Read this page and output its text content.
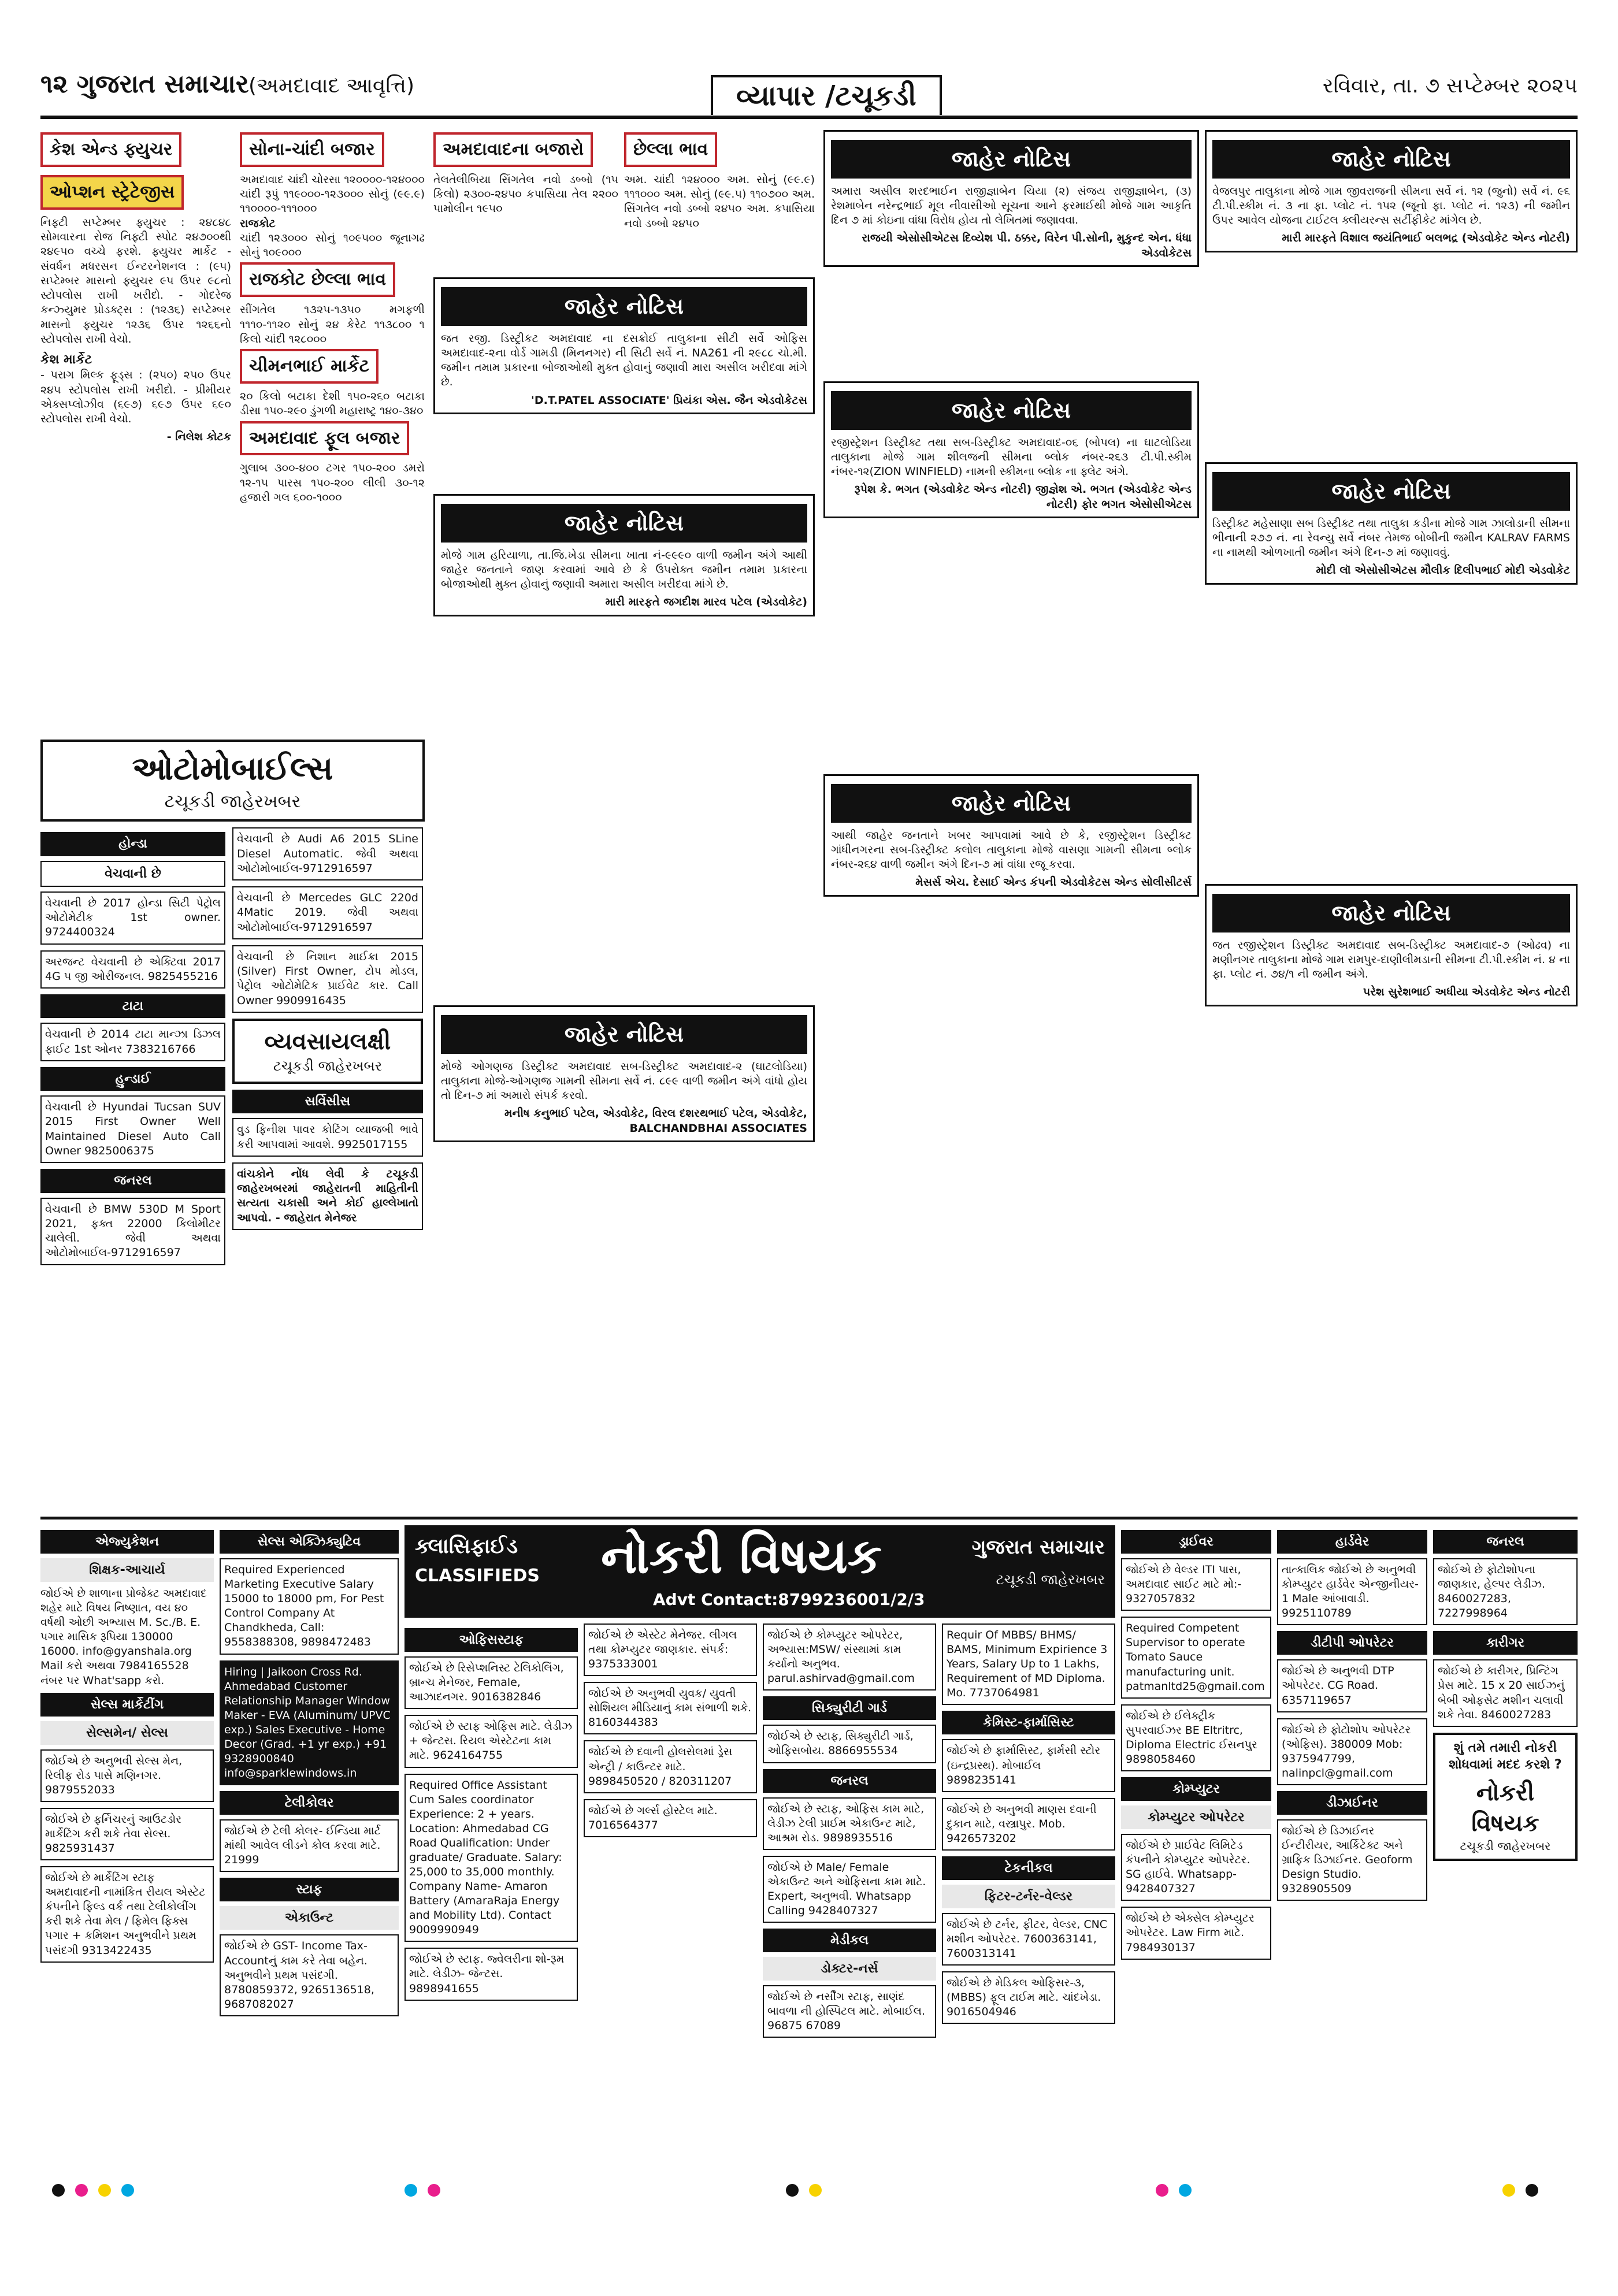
૧૨ ગુજરાત સમાચાર (અમદાવાદ આવૃત્તિ)	વ્યાપાર /ટચૂકડી	રવિવાર, તા. ૭ સપ્ટેમ્બર ૨૦૨૫
કેશ એન્ડ ફ્યુચર ઓપ્શન સ્ટ્રેટેજીસ
નિફ્ટી સપ્ટેમ્બર ફ્યુચર : ૨૪૮૪૮ સોમવારના રોજ નિફ્ટી સ્પોટ ૨૪૭૦૦થી ૨૪૯૫૦ વચ્ચે ફરશે. ફ્યુચર માર્કેટ - સંવર્ધન મધરસન ઈન્ટરનેશનલ : (૯૫) સપ્ટેમ્બર માસનો ફ્યુચર ૯૫ ઉપર ૯૮નો સ્ટોપલોસ રાખી ખરીદો. - ગોદરેજ કન્ઝ્યુમર પ્રોડક્ટ્સ : (૧૨૩૬) સપ્ટેમ્બર માસનો ફ્યુચર ૧૨૩૬ ઉપર ૧૨૬૬નો સ્ટોપલોસ રાખી વેચો.
કેશ માર્કેટ
- પરાગ મિલ્ક ફૂડ્સ : (૨૫૦) ૨૫૦ ઉપર ૨૪૫ સ્ટોપલોસ રાખી ખરીદો. - પ્રીમીયર એક્સપ્લોઝીવ (૬૯૭) ૬૯૭ ઉપર ૬૯૦ સ્ટોપલોસ રાખી વેચો.
- નિલેશ કોટક
સોના-ચાંદી બજાર
અમદાવાદ ચાંદી ચોરસા ૧૨૦૦૦૦-૧૨૪૦૦૦ ચાંદી રૂપું ૧૧૯૦૦૦-૧૨૩૦૦૦ સોનું (૯૯.૯) ૧૧૦૦૦૦-૧૧૧૦૦૦
રાજકોટ
ચાંદી ૧૨૩૦૦૦ સોનું ૧૦૯૫૦૦ જૂનાગઢ સોનું ૧૦૯૦૦૦
રાજકોટ છેલ્લા ભાવ
સીંગતેલ ૧૩૨૫-૧૩૫૦ મગફળી ૧૧૧૦-૧૧૨૦ સોનું ૨૪ કેરેટ ૧૧૩૮૦૦ ૧ કિલો ચાંદી ૧૨૮૦૦૦
ચીમનભાઈ માર્કેટ
૨૦ કિલો બટાકા દેશી ૧૫૦-૨૬૦ બટાકા ડીસા ૧૫૦-૨૯૦ ડુંગળી મહારાષ્ટ્ર ૧૪૦-૩૪૦
અમદાવાદ ફૂલ બજાર
ગુલાબ ૩૦૦-૪૦૦ ટગર ૧૫૦-૨૦૦ ડમરો ૧૨-૧૫ પારસ ૧૫૦-૨૦૦ લીલી ૩૦-૧૨ હજારી ગલ ૬૦૦-૧૦૦૦
અમદાવાદના બજારો
તેલતેલીબિયા સિંગતેલ નવો ડબ્બો (૧૫ કિલો) ૨૩૦૦-૨૪૫૦ કપાસિયા તેલ ૨૨૦૦ પામોલીન ૧૯૫૦
છેલ્લા ભાવ
અમ. ચાંદી ૧૨૪૦૦૦ અમ. સોનું (૯૯.૯) ૧૧૧૦૦૦ અમ. સોનું (૯૯.૫) ૧૧૦૭૦૦ અમ. સિંગતેલ નવો ડબ્બો ૨૪૫૦ અમ. કપાસિયા નવો ડબ્બો ૨૪૫૦
જાહેર નોટિસ
જત રજી. ડિસ્ટ્રીકટ અમદાવાદ ના દસક્રોઈ તાલુકાના સીટી સર્વે ઓફિસ અમદાવાદ-૨ના વોર્ડ ગામડી (મિનનગર) ની સિટી સર્વે નં. NA261 ની ૨૯૮૮ ચો.મી. જમીન તમામ પ્રકારના બોજાઓથી મુક્ત હોવાનું જણાવી મારા અસીલ ખરીદવા માંગે છે.
'D.T.PATEL ASSOCIATE' પ્રિયંકા એસ. જૈન એડવોકેટસ
જાહેર નોટિસ
મોજે ગામ હરિયાળા, તા.જિ.ખેડા સીમના ખાતા નં-૯૯૯૦ વાળી જમીન અંગે આથી જાહેર જનતાને જાણ કરવામાં આવે છે કે ઉપરોક્ત જમીન તમામ પ્રકારના બોજાઓથી મુક્ત હોવાનું જણાવી અમારા અસીલ ખરીદવા માંગે છે.
મારી મારફતે જગદીશ મારવ પટેલ (એડવોકેટ)
જાહેર નોટિસ
મોજે ઓગણજ ડિસ્ટ્રીક્ટ અમદાવાદ સબ-ડિસ્ટ્રીક્ટ અમદાવાદ-૨ (ઘાટલોડિયા) તાલુકાના મોજે-ઓગણજ ગામની સીમના સર્વે નં. ૮૯૯ વાળી જમીન અંગે વાંધો હોય તો દિન-૭ માં અમારો સંપર્ક કરવો.
મનીષ કનુભાઈ પટેલ, એડવોકેટ, વિરલ દશરથભાઈ પટેલ, એડવોકેટ, BALCHANDBHAI ASSOCIATES
જાહેર નોટિસ
અમારા અસીલ શરદભાઈન રાજીજ્ઞાબેન ચિયા (૨) સંજય રાજીજ્ઞાબેન, (૩) રેશમાબેન નરેન્દ્રભાઈ મૂલ નીવાસીઓ સૂચના આને ફરમાઈથી મોજે ગામ આકૃતિ દિન ૭ માં કોઇના વાંધા વિરોધ હોય તો લેખિતમાં જણાવવા.
રાજયી એસોસીએટસ દિવ્યેશ પી. ઠક્કર, વિરેન પી.સોની, મુકુન્દ એન. ધંધા એડવોકેટસ
જાહેર નોટિસ
રજીસ્ટ્રેશન ડિસ્ટ્રીક્ટ તથા સબ-ડિસ્ટ્રીક્ટ અમદાવાદ-૦૬ (બોપલ) ના ઘાટલોડિયા તાલુકાના મોજે ગામ શીલજની સીમના બ્લોક નંબર-૨૬૩ ટી.પી.સ્કીમ નંબર-૧૨(ZION WINFIELD) નામની સ્કીમના બ્લોક ના ફ્લેટ અંગે.
રૂપેશ કે. ભગત (એડવોકેટ એન્ડ નોટરી) જીજ્ઞેશ એ. ભગત (એડવોકેટ એન્ડ નોટરી) ફોર ભગત એસોસીએટસ
જાહેર નોટિસ
આથી જાહેર જનતાને ખબર આપવામાં આવે છે કે, રજીસ્ટ્રેશન ડિસ્ટ્રીક્ટ ગાંધીનગરના સબ-ડિસ્ટ્રીક્ટ કલોલ તાલુકાના મોજે વાસણા ગામની સીમના બ્લોક નંબર-૨૬૪ વાળી જમીન અંગે દિન-૭ માં વાંધા રજૂ કરવા.
મેસર્સ એચ. દેસાઈ એન્ડ કંપની એડવોકેટસ એન્ડ સોલીસીટર્સ
જાહેર નોટિસ
વેજલપુર તાલુકાના મોજે ગામ જીવરાજની સીમના સર્વે નં. ૧૨ (જુનો) સર્વે નં. ૯૬ ટી.પી.સ્કીમ નં. ૩ ના ફા. પ્લોટ નં. ૧૫૨ (જૂનો ફા. પ્લોટ નં. ૧૨૩) ની જમીન ઉપર આવેલ યોજના ટાઈટલ ક્લીયરન્સ સર્ટીફીકેટ માંગેલ છે.
મારી મારફતે વિશાલ જયંતિભાઈ બલભદ્ર (એડવોકેટ એન્ડ નોટરી)
જાહેર નોટિસ
ડિસ્ટ્રીક્ટ મહેસાણા સબ ડિસ્ટ્રીક્ટ તથા તાલુકા કડીના મોજે ગામ ઝાલોડાની સીમના ભીનાની ૨૭૭ નં. ના રેવન્યુ સર્વે નંબર તેમજ બોબીની જમીન KALRAV FARMS ના નામથી ઓળખાતી જમીન અંગે દિન-૭ માં જણાવવું.
મોદી લૉ એસોસીએટસ મૌલીક દિલીપભાઈ મોદી એડવોકેટ
જાહેર નોટિસ
જત રજીસ્ટ્રેશન ડિસ્ટ્રીક્ટ અમદાવાદ સબ-ડિસ્ટ્રીક્ટ અમદાવાદ-૭ (ઓઢવ) ના મણીનગર તાલુકાના મોજે ગામ રામપુર-દાણીલીમડાની સીમના ટી.પી.સ્કીમ નં. ૪ ના ફા. પ્લોટ નં. ૭૪/૧ ની જમીન અંગે.
પરેશ સુરેશભાઈ અધીયા એડવોકેટ એન્ડ નોટરી
ઓટોમોબાઈલ્સ
ટચૂકડી જાહેરખબર
હોન્ડા
વેચવાની છે
વેચવાની છે 2017 હોન્ડા સિટી પેટ્રોલ ઓટોમેટીક 1st owner. 9724400324
અરજન્ટ વેચવાની છે એક્ટિવા 2017 4G ૫ જી ઓરીજનલ. 9825455216
ટાટા
વેચવાની છે 2014 ટાટા માન્ઝા ડિઝલ ફાઈટ 1st ઓનર 7383216766
હુન્ડાઈ
વેચવાની છે Hyundai Tucsan SUV 2015 First Owner Well Maintained Diesel Auto Call Owner 9825006375
જનરલ
વેચવાની છે BMW 530D M Sport 2021, ફક્ત 22000 કિલોમીટર ચાલેલી. જેવી અથવા ઓટોમોબાઈલ-9712916597
વેચવાની છે Audi A6 2015 SLine Diesel Automatic. જેવી અથવા ઓટોમોબાઈલ-9712916597
વેચવાની છે Mercedes GLC 220d 4Matic 2019. જેવી અથવા ઓટોમોબાઈલ-9712916597
વેચવાની છે નિશાન માઈક્રા 2015 (Silver) First Owner, ટોપ મોડલ, પેટ્રોલ ઓટોમેટિક પ્રાઈવેટ કાર. Call Owner 9909916435
વ્યવસાયલક્ષી
ટચૂકડી જાહેરખબર
સર્વિસીસ
વુડ ફિનીશ પાવર કોટિંગ વ્યાજબી ભાવે કરી આપવામાં આવશે. 9925017155
વાંચકોને નોંધ લેવી કે ટચૂકડી જાહેરખબરમાં જાહેરાતની માહિતીની સત્યતા ચકાસી અને કોઈ હાલ્લેખાતો આપવો. - જાહેરાત મેનેજર
ક્લાસિફાઈડ
CLASSIFIEDS નોકરી વિષયક
Advt Contact:8799236001/2/3
ગુજરાત સમાચાર
ટચૂકડી જાહેરખબર
એજ્યુકેશન
શિક્ષક-આચાર્ય
જોઈએ છે શાળાના પ્રોજેક્ટ અમદાવાદ શહેર માટે વિષય નિષ્ણાત, વય ૪૦ વર્ષથી ઓછી અભ્યાસ M. Sc./B. E. પગાર માસિક રૂપિયા 130000 16000. info@gyanshala.org Mail કરો અથવા 7984165528 નંબર પર What'sapp કરો.
સેલ્સ માર્કેટીંગ
સેલ્સમેન/ સેલ્સ
જોઈએ છે અનુભવી સેલ્સ મેન, રિલીફ રોડ પાસે મણિનગર. 9879552033
જોઈએ છે ફર્નિચરનું આઉટડોર માર્કેટિંગ કરી શકે તેવા સેલ્સ. 9825931437
જોઈએ છે માર્કેટિંગ સ્ટાફ અમદાવાદની નામાંકિત રીયલ એસ્ટેટ કંપનીને ફિલ્ડ વર્ક તથા ટેલીકોલીંગ કરી શકે તેવા મેલ / ફિમેલ ફિક્સ પગાર + કમિશન અનુભવીને પ્રથમ પસંદગી 9313422435
સેલ્સ એક્ઝિક્યુટિવ
Required Experienced Marketing Executive Salary 15000 to 18000 pm, For Pest Control Company At Chandkheda, Call: 9558388308, 9898472483
Hiring | Jaikoon Cross Rd. Ahmedabad Customer Relationship Manager Window Maker - EVA (Aluminum/ UPVC exp.) Sales Executive - Home Decor (Grad. +1 yr exp.) +91 9328900840 info@sparklewindows.in
ટેલીકોલર
જોઈએ છે ટેલી કોલર- ઈન્ડિયા માર્ટ માંથી આવેલ લીડને કોલ કરવા માટે. 21999
સ્ટાફ
એકાઉન્ટ
જોઈએ છે GST- Income Tax- Accountનું કામ કરે તેવા બહેન. અનુભવીને પ્રથમ પસંદગી. 8780859372, 9265136518, 9687082027
ઓફિસસ્ટાફ
જોઈએ છે રિસેપ્શનિસ્ટ ટેલિકોલિંગ, બ્રાન્ચ મેનેજર, Female, આઝાદનગર. 9016382846
જોઈએ છે સ્ટાફ ઓફિસ માટે. લેડીઝ + જેન્ટસ. રિયલ એસ્ટેટના કામ માટે. 9624164755
Required Office Assistant Cum Sales coordinator Experience: 2 + years. Location: Ahmedabad CG Road Qualification: Under graduate/ Graduate. Salary: 25,000 to 35,000 monthly. Company Name- Amaron Battery (AmaraRaja Energy and Mobility Ltd). Contact 9009990949
જોઈએ છે સ્ટાફ. જ્વેલરીના શો-રૂમ માટે. લેડીઝ- જેન્ટસ. 9898941655
જોઈએ છે એસ્ટેટ મેનેજર. લીગલ તથા કોમ્પ્યુટર જાણકાર. સંપર્ક: 9375333001
જોઈએ છે અનુભવી યુવક/ યુવતી સોશિયલ મીડિયાનું કામ સંભાળી શકે. 8160344383
જોઈએ છે દવાની હોલસેલમાં ડ્રેસ એન્ટ્રી / કાઉન્ટર માટે. 9898450520 / 820311207
જોઈએ છે ગર્લ્સ હોસ્ટેલ માટે. 7016564377
જોઈએ છે કોમ્પ્યુટર ઓપરેટર, અભ્યાસ:MSW/ સંસ્થામાં કામ કર્યાનો અનુભવ. parul.ashirvad@gmail.com
સિક્યુરીટી ગાર્ડ
જોઈએ છે સ્ટાફ, સિક્યુરીટી ગાર્ડ, ઓફિસબોય. 8866955534
જનરલ
જોઈએ છે સ્ટાફ, ઓફિસ કામ માટે, લેડીઝ ટેલી પ્રાઈમ એકાઉન્ટ માટે, આશ્રમ રોડ. 9898935516
જોઈએ છે Male/ Female એકાઉન્ટ અને ઓફિસના કામ માટે. Expert, અનુભવી. Whatsapp Calling 9428407327
મેડીકલ
ડોક્ટર-નર્સ
જોઈએ છે નર્સીંગ સ્ટાફ, સાણંદ બાવળા ની હોસ્પિટલ માટે. મોબાઈલ. 96875 67089
Requir Of MBBS/ BHMS/ BAMS, Minimum Expirience 3 Years, Salary Up to 1 Lakhs, Requirement of MD Diploma. Mo. 7737064981
કેમિસ્ટ-ફાર્માસિસ્ટ
જોઈએ છે ફાર્માસિસ્ટ, ફાર્મસી સ્ટોર (ઇન્દ્રપ્રસ્થ). મોબાઈલ 9898235141
જોઈએ છે અનુભવી માણસ દવાની દુકાન માટે, વસ્ત્રાપુર. Mob. 9426573202
ટેકનીકલ
ફિટર-ટર્નર-વેલ્ડર
જોઈએ છે ટર્નર, ફીટર, વેલ્ડર, CNC મશીન ઓપરેટર. 7600363141, 7600313141
જોઈએ છે મેડિકલ ઓફિસર-૩, (MBBS) ફૂલ ટાઈમ માટે. ચાંદખેડા. 9016504946
ડ્રાઈવર
જોઈએ છે વેલ્ડર ITI પાસ, અમદાવાદ સાઈટ માટે મો:- 9327057832
Required Competent Supervisor to operate Tomato Sauce manufacturing unit. patmanltd25@gmail.com
જોઈએ છે ઈલેક્ટ્રીક સુપરવાઈઝર BE Eltritrc, Diploma Electric ઈસનપુર 9898058460
કોમ્પ્યુટર
કોમ્પ્યુટર ઓપરેટર
જોઈએ છે પ્રાઈવેટ લિમિટેડ કંપનીને કોમ્પ્યુટર ઓપરેટર. SG હાઈવે. Whatsapp- 9428407327
જોઈએ છે એક્સેલ કોમ્પ્યુટર ઓપરેટર. Law Firm માટે. 7984930137
હાર્ડવેર
તાત્કાલિક જોઈએ છે અનુભવી કોમ્પ્યુટર હાર્ડવેર એન્જીનીયર- 1 Male આંબાવાડી. 9925110789
ડીટીપી ઓપરેટર
જોઈએ છે અનુભવી DTP ઓપરેટર. CG Road. 6357119657
જોઈએ છે ફોટોશોપ ઓપરેટર (ઓફિસ). 380009 Mob: 9375947799, nalinpcl@gmail.com
ડીઝાઈનર
જોઈએ છે ડિઝાઈનર ઈન્ટીરીયર, આર્કિટેક્ટ અને ગ્રાફિક ડિઝાઈનર. Geoform Design Studio. 9328905509
જનરલ
જોઈએ છે ફોટોશોપના જાણકાર, હેલ્પર લેડીઝ. 8460027283, 7227998964
કારીગર
જોઈએ છે કારીગર, પ્રિન્ટિંગ પ્રેસ માટે. 15 x 20 સાઈઝનું બેબી ઓફસેટ મશીન ચલાવી શકે તેવા. 8460027283
શું તમે તમારી નોકરી શોધવામાં મદદ કરશે ?
નોકરી વિષયક
ટચૂકડી જાહેરખબર
